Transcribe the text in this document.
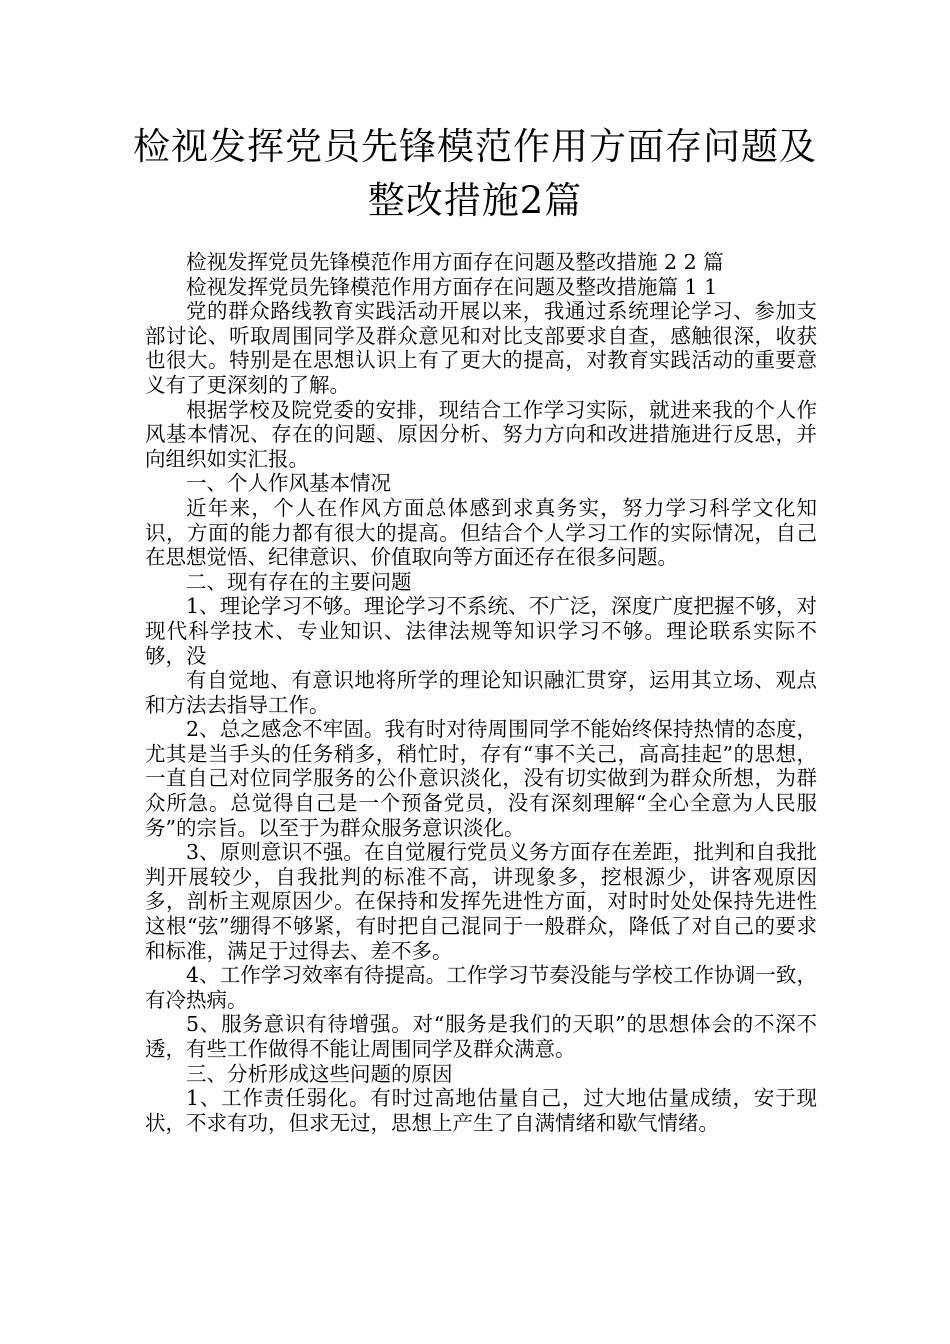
检视发挥党员先锋模范作用方面存问题及
整改措施2篇

检视发挥党员先锋模范作用方面存在问题及整改措施 2 2 篇

检视发挥党员先锋模范作用方面存在问题及整改措施篇 1 1

党的群众路线教育实践活动开展以来，我通过系统理论学习、参加支部讨论、听取周围同学及群众意见和对比支部要求自查，感触很深，收获也很大。特别是在思想认识上有了更大的提高，对教育实践活动的重要意义有了更深刻的了解。

根据学校及院党委的安排，现结合工作学习实际，就进来我的个人作风基本情况、存在的问题、原因分析、努力方向和改进措施进行反思，并向组织如实汇报。

一、个人作风基本情况

近年来，个人在作风方面总体感到求真务实，努力学习科学文化知识，方面的能力都有很大的提高。但结合个人学习工作的实际情况，自己在思想觉悟、纪律意识、价值取向等方面还存在很多问题。

二、现有存在的主要问题

1、理论学习不够。理论学习不系统、不广泛，深度广度把握不够，对现代科学技术、专业知识、法律法规等知识学习不够。理论联系实际不够，没

有自觉地、有意识地将所学的理论知识融汇贯穿，运用其立场、观点和方法去指导工作。

2、总之感念不牢固。我有时对待周围同学不能始终保持热情的态度，尤其是当手头的任务稍多，稍忙时，存有“事不关己，高高挂起”的思想，一直自己对位同学服务的公仆意识淡化，没有切实做到为群众所想，为群众所急。总觉得自己是一个预备党员，没有深刻理解“全心全意为人民服务”的宗旨。以至于为群众服务意识淡化。

3、原则意识不强。在自觉履行党员义务方面存在差距，批判和自我批判开展较少，自我批判的标准不高，讲现象多，挖根源少，讲客观原因多，剖析主观原因少。在保持和发挥先进性方面，对时时处处保持先进性这根“弦”绷得不够紧，有时把自己混同于一般群众，降低了对自己的要求和标准，满足于过得去、差不多。

4、工作学习效率有待提高。工作学习节奏没能与学校工作协调一致，有冷热病。

5、服务意识有待增强。对“服务是我们的天职”的思想体会的不深不透，有些工作做得不能让周围同学及群众满意。

三、分析形成这些问题的原因

1、工作责任弱化。有时过高地估量自己，过大地估量成绩，安于现状，不求有功，但求无过，思想上产生了自满情绪和歇气情绪。
